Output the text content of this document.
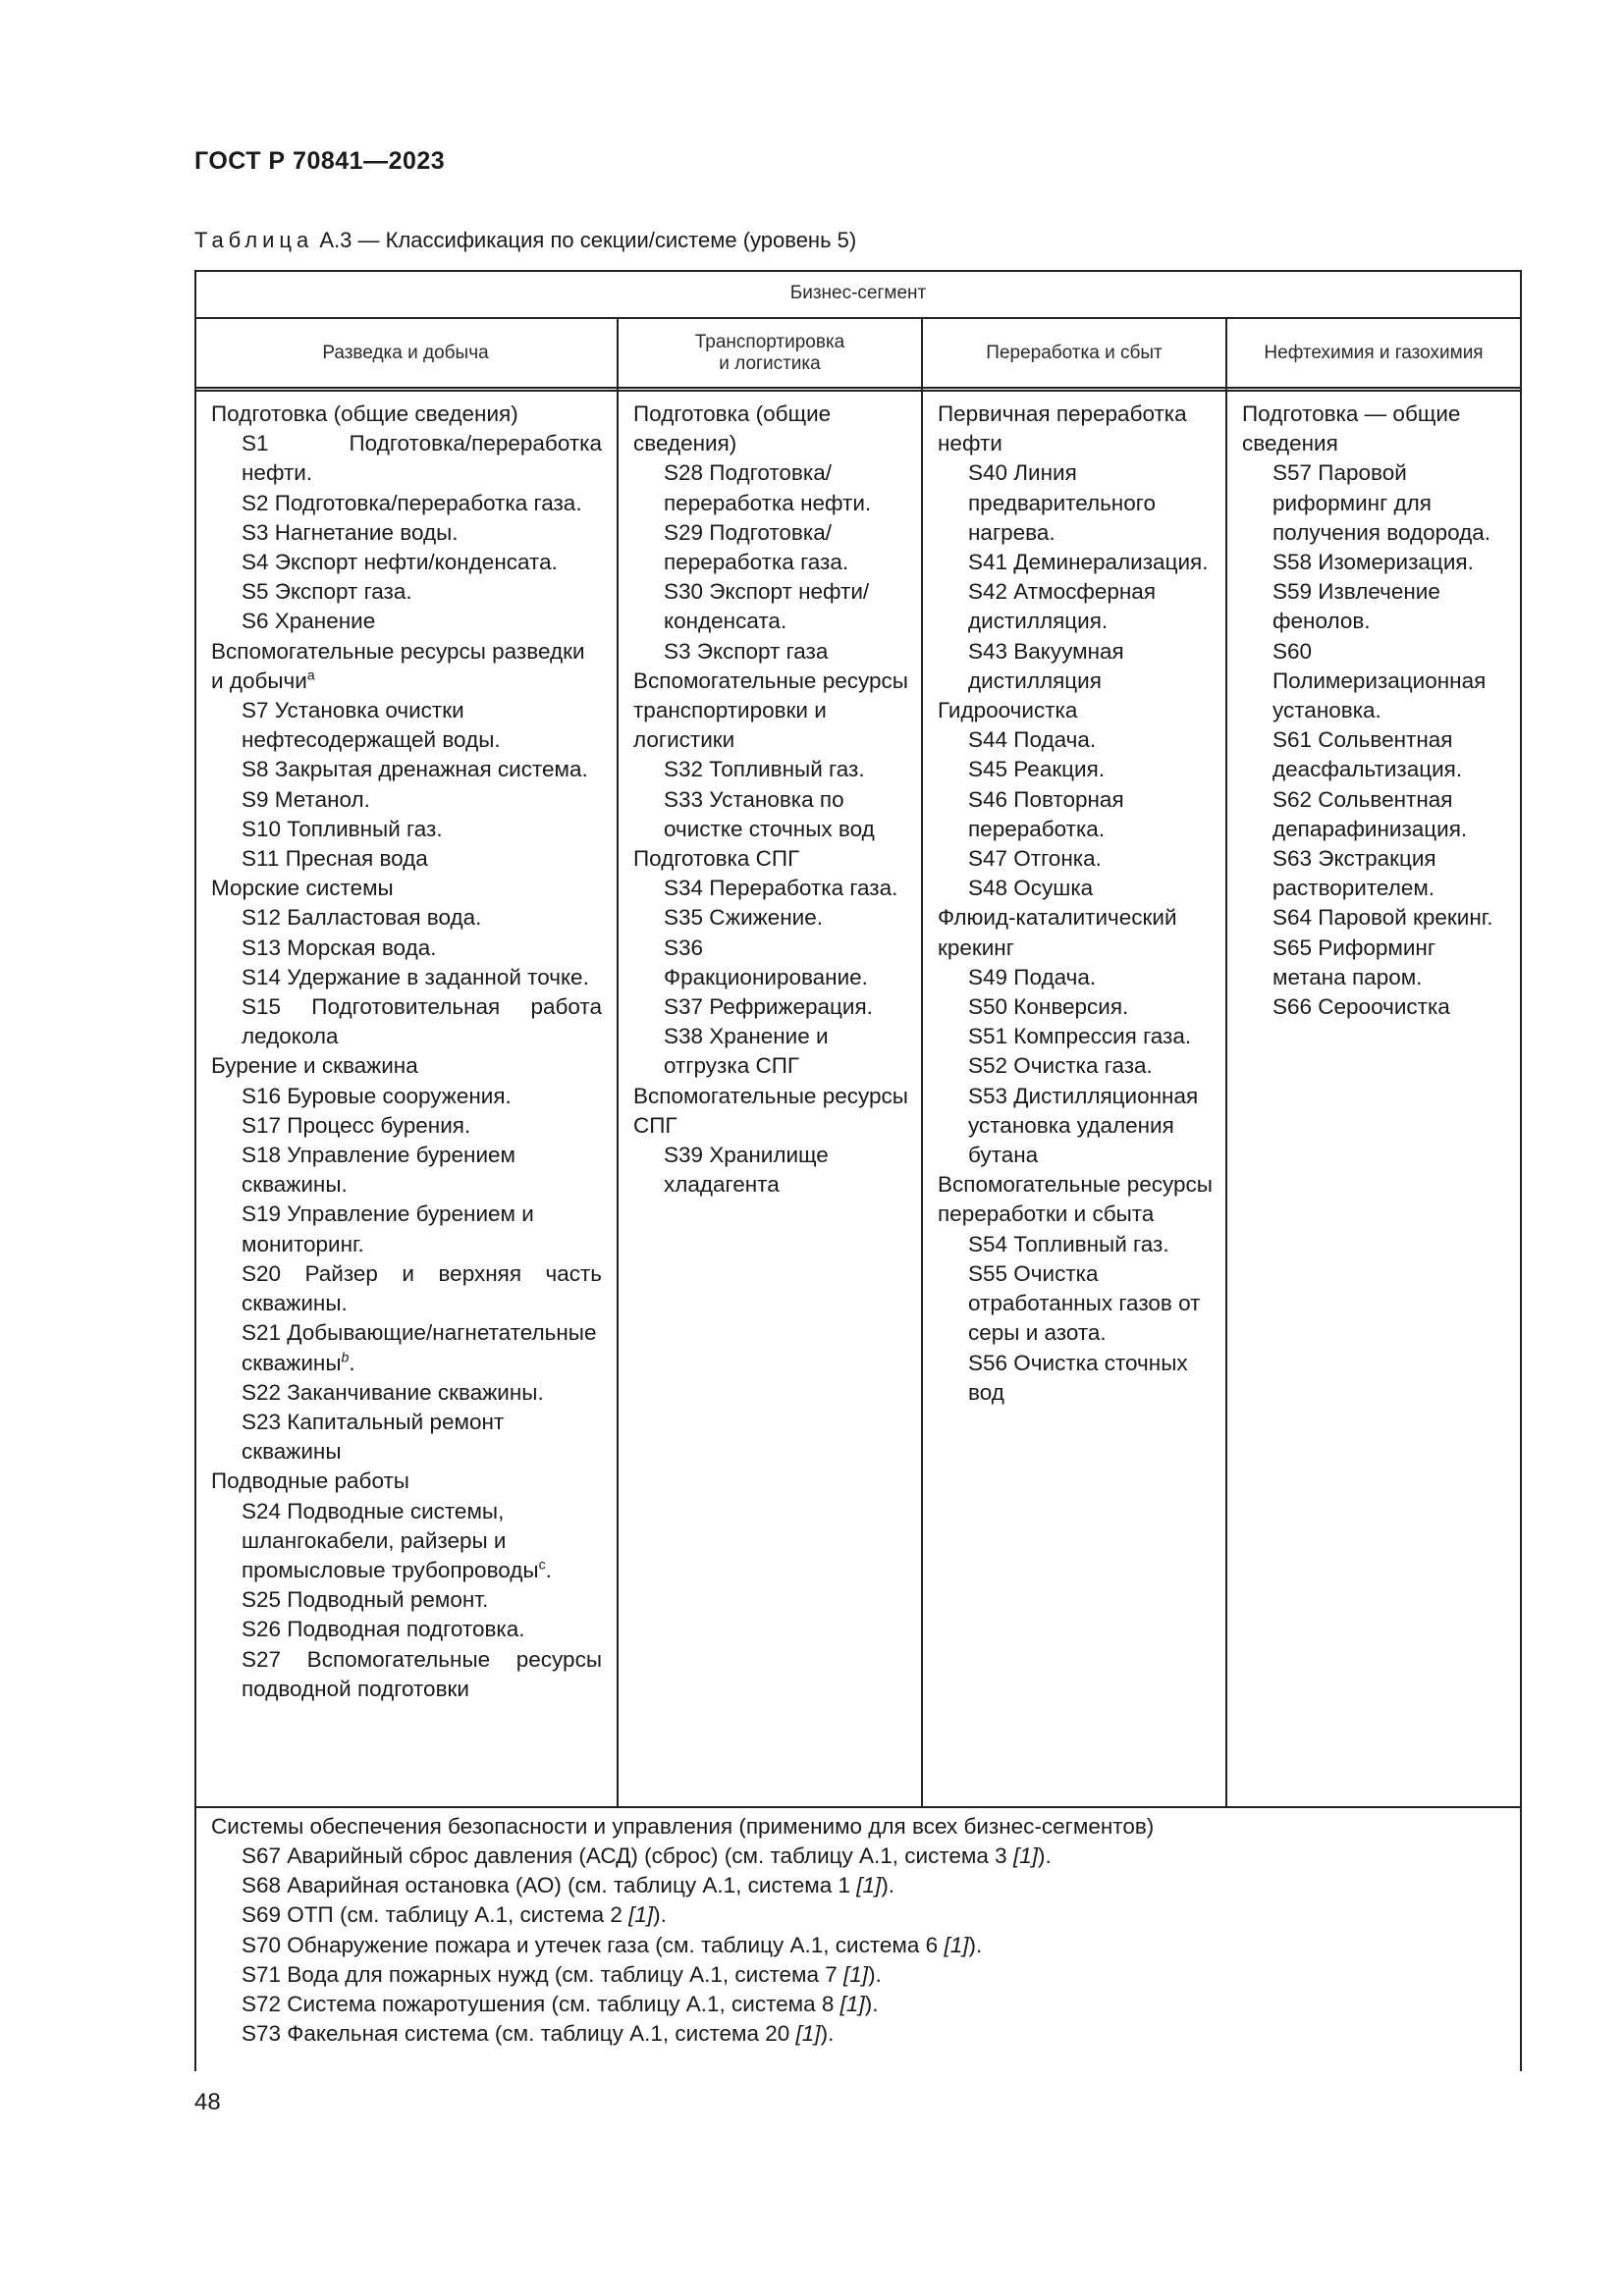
ГОСТ Р 70841—2023
Таблица А.3 — Классификация по секции/системе (уровень 5)
Бизнес-сегмент
Разведка и добыча
Транспортировка
и логистика
Переработка и сбыт	Нефтехимия и газохимия
Подготовка (общие сведения)
S1 Подготовка/переработка нефти.
S2 Подготовка/переработка газа.
S3 Нагнетание воды.
S4 Экспорт нефти/конденсата.
S5 Экспорт газа.
S6 Хранение
Вспомогательные ресурсы разведки и добычи$^a$
S7 Установка очистки нефтесодержащей воды.
S8 Закрытая дренажная система.
S9 Метанол.
S10 Топливный газ.
S11 Пресная вода
Морские системы
S12 Балластовая вода.
S13 Морская вода.
S14 Удержание в заданной точке.
S15 Подготовительная работа ледокола
Бурение и скважина
S16 Буровые сооружения.
S17 Процесс бурения.
S18 Управление бурением скважины.
S19 Управление бурением и мониторинг.
S20 Райзер и верхняя часть скважины.
S21 Добывающие/нагнетательные скважины$^b$.
S22 Заканчивание скважины.
S23 Капитальный ремонт скважины
Подводные работы
S24 Подводные системы, шлангокабели, райзеры и промысловые трубопроводы$^c$.
S25 Подводный ремонт.
S26 Подводная подготовка.
S27 Вспомогательные ресурсы подводной подготовки
Подготовка (общие сведения)
S28 Подготовка/переработка нефти.
S29 Подготовка/переработка газа.
S30 Экспорт нефти/конденсата.
S3 Экспорт газа
Вспомогательные ресурсы транспортировки и логистики
S32 Топливный газ.
S33 Установка по очистке сточных вод
Подготовка СПГ
S34 Переработка газа.
S35 Сжижение.
S36 Фракционирование.
S37 Рефрижерация.
S38 Хранение и отгрузка СПГ
Вспомогательные ресурсы СПГ
S39 Хранилище хладагента
Первичная переработка нефти
S40 Линия предварительного нагрева.
S41 Деминерализация.
S42 Атмосферная дистилляция.
S43 Вакуумная дистилляция
Гидроочистка
S44 Подача.
S45 Реакция.
S46 Повторная переработка.
S47 Отгонка.
S48 Осушка
Флюид-каталитический крекинг
S49 Подача.
S50 Конверсия.
S51 Компрессия газа.
S52 Очистка газа.
S53 Дистилляционная установка удаления бутана
Вспомогательные ресурсы переработки и сбыта
S54 Топливный газ.
S55 Очистка отработанных газов от серы и азота.
S56 Очистка сточных вод
Подготовка — общие сведения
S57 Паровой риформинг для получения водорода.
S58 Изомеризация.
S59 Извлечение фенолов.
S60 Полимеризационная установка.
S61 Сольвентная деасфальтизация.
S62 Сольвентная депарафинизация.
S63 Экстракция растворителем.
S64 Паровой крекинг.
S65 Риформинг метана паром.
S66 Сероочистка
Системы обеспечения безопасности и управления (применимо для всех бизнес-сегментов)
S67 Аварийный сброс давления (АСД) (сброс) (см. таблицу А.1, система 3 [1]).
S68 Аварийная остановка (АО) (см. таблицу А.1, система 1 [1]).
S69 ОТП (см. таблицу А.1, система 2 [1]).
S70 Обнаружение пожара и утечек газа (см. таблицу А.1, система 6 [1]).
S71 Вода для пожарных нужд (см. таблицу А.1, система 7 [1]).
S72 Система пожаротушения (см. таблицу А.1, система 8 [1]).
S73 Факельная система (см. таблицу А.1, система 20 [1]).
48
